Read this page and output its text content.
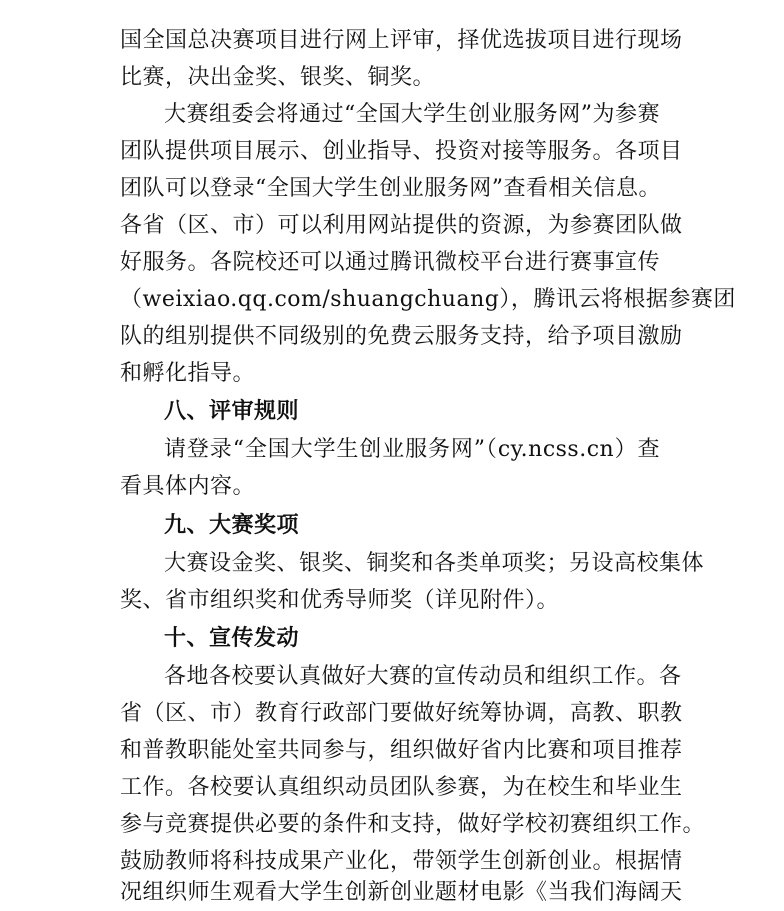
国全国总决赛项目进行网上评审，择优选拔项目进行现场
比赛，决出金奖、银奖、铜奖。
大赛组委会将通过“全国大学生创业服务网”为参赛
团队提供项目展示、创业指导、投资对接等服务。各项目
团队可以登录“全国大学生创业服务网”查看相关信息。
各省（区、市）可以利用网站提供的资源，为参赛团队做
好服务。各院校还可以通过腾讯微校平台进行赛事宣传
（weixiao.qq.com/shuangchuang），腾讯云将根据参赛团
队的组别提供不同级别的免费云服务支持，给予项目激励
和孵化指导。
八、评审规则
请登录“全国大学生创业服务网”（cy.ncss.cn）查
看具体内容。
九、大赛奖项
大赛设金奖、银奖、铜奖和各类单项奖；另设高校集体
奖、省市组织奖和优秀导师奖（详见附件）。
十、宣传发动
各地各校要认真做好大赛的宣传动员和组织工作。各
省（区、市）教育行政部门要做好统筹协调，高教、职教
和普教职能处室共同参与，组织做好省内比赛和项目推荐
工作。各校要认真组织动员团队参赛，为在校生和毕业生
参与竞赛提供必要的条件和支持，做好学校初赛组织工作。
鼓励教师将科技成果产业化，带领学生创新创业。根据情
况组织师生观看大学生创新创业题材电影《当我们海阔天
